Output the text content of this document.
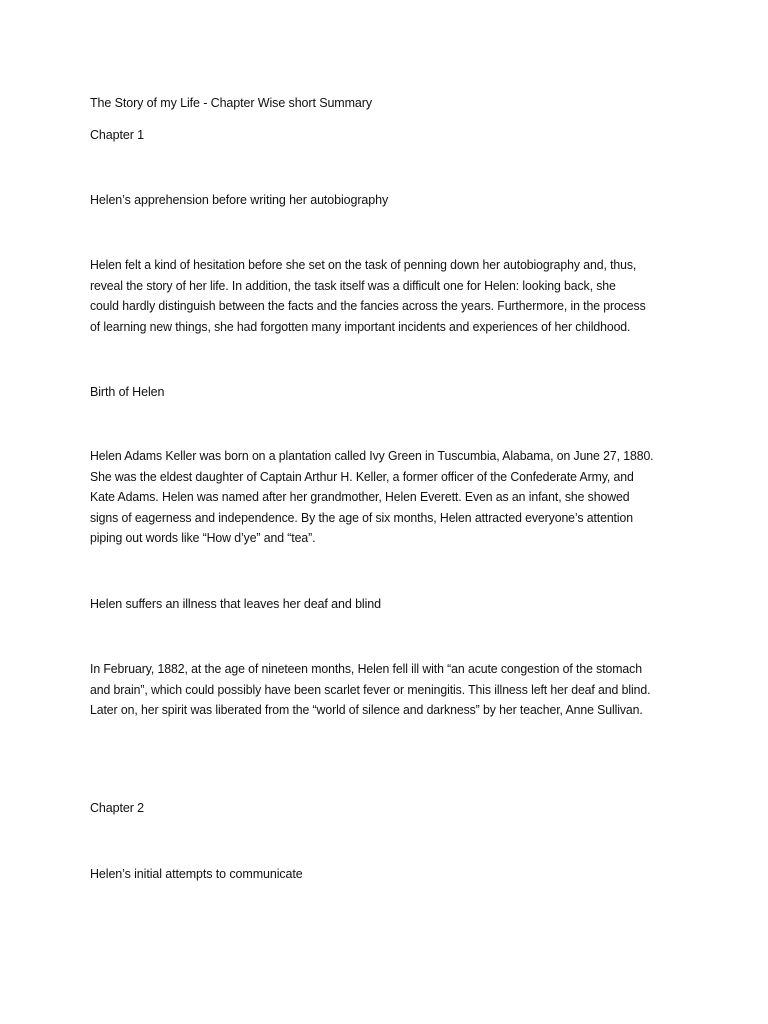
The Story of my Life - Chapter Wise short Summary
Chapter 1
Helen’s apprehension before writing her autobiography
Helen felt a kind of hesitation before she set on the task of penning down her autobiography and, thus,
reveal the story of her life. In addition, the task itself was a difficult one for Helen: looking back, she
could hardly distinguish between the facts and the fancies across the years. Furthermore, in the process
of learning new things, she had forgotten many important incidents and experiences of her childhood.
Birth of Helen
Helen Adams Keller was born on a plantation called Ivy Green in Tuscumbia, Alabama, on June 27, 1880.
She was the eldest daughter of Captain Arthur H. Keller, a former officer of the Confederate Army, and
Kate Adams. Helen was named after her grandmother, Helen Everett. Even as an infant, she showed
signs of eagerness and independence. By the age of six months, Helen attracted everyone’s attention
piping out words like “How d’ye” and “tea”.
Helen suffers an illness that leaves her deaf and blind
In February, 1882, at the age of nineteen months, Helen fell ill with “an acute congestion of the stomach
and brain”, which could possibly have been scarlet fever or meningitis. This illness left her deaf and blind.
Later on, her spirit was liberated from the “world of silence and darkness” by her teacher, Anne Sullivan.
Chapter 2
Helen’s initial attempts to communicate
